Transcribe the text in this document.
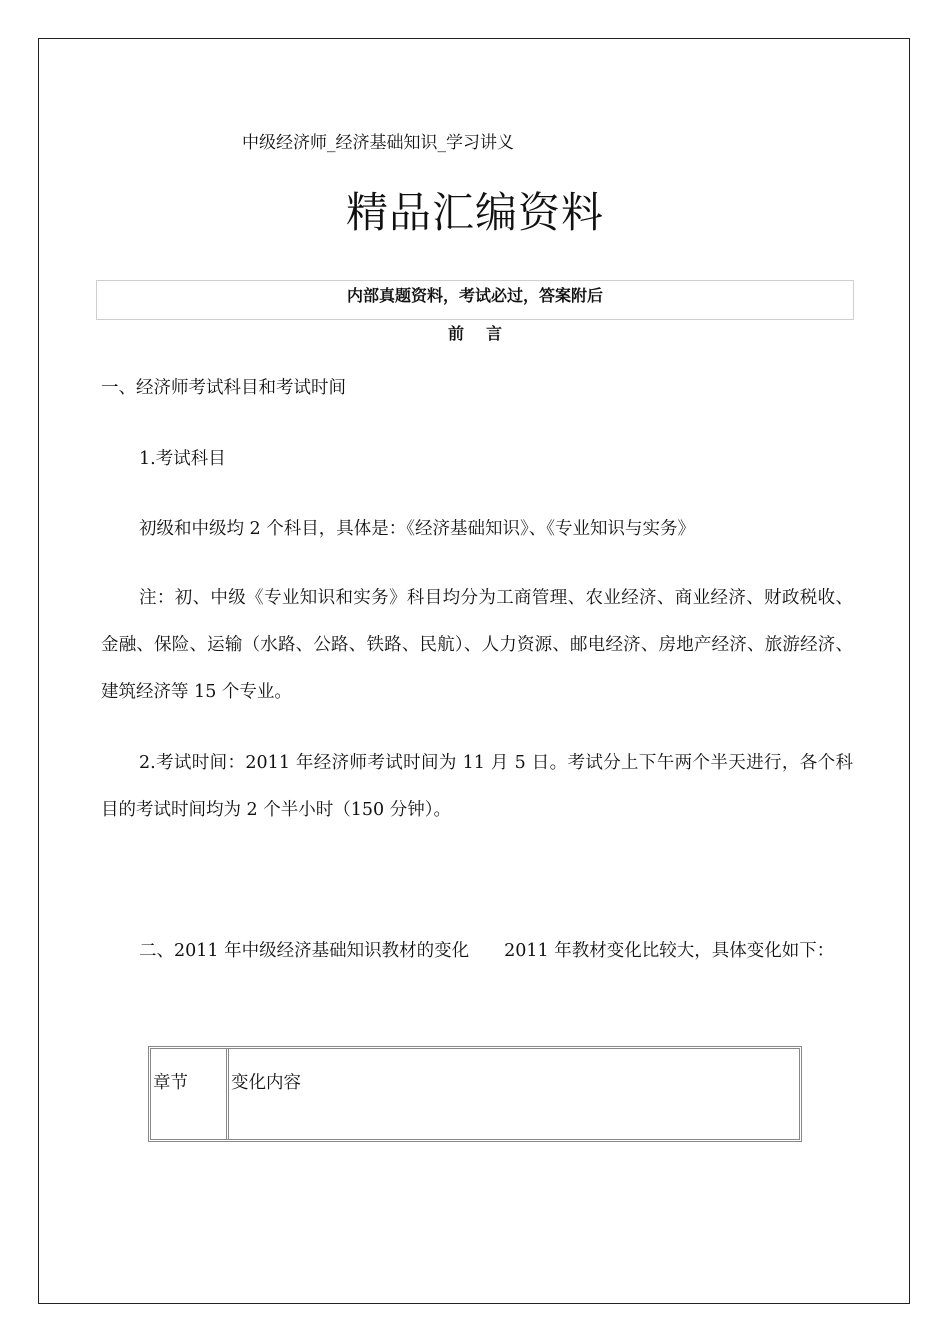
中级经济师_经济基础知识_学习讲义

精品汇编资料
内部真题资料，考试必过，答案附后

前言

一、经济师考试科目和考试时间

1.考试科目

初级和中级均 2 个科目，具体是：《经济基础知识》、《专业知识与实务》

注：初、中级《专业知识和实务》科目均分为工商管理、农业经济、商业经济、财政税收、金融、保险、运输（水路、公路、铁路、民航）、人力资源、邮电经济、房地产经济、旅游经济、建筑经济等 15 个专业。

2.考试时间：2011 年经济师考试时间为 11 月 5 日。考试分上下午两个半天进行，各个科目的考试时间均为 2 个半小时（150 分钟）。

二、2011 年中级经济基础知识教材的变化　　2011 年教材变化比较大，具体变化如下：

章节	变化内容
